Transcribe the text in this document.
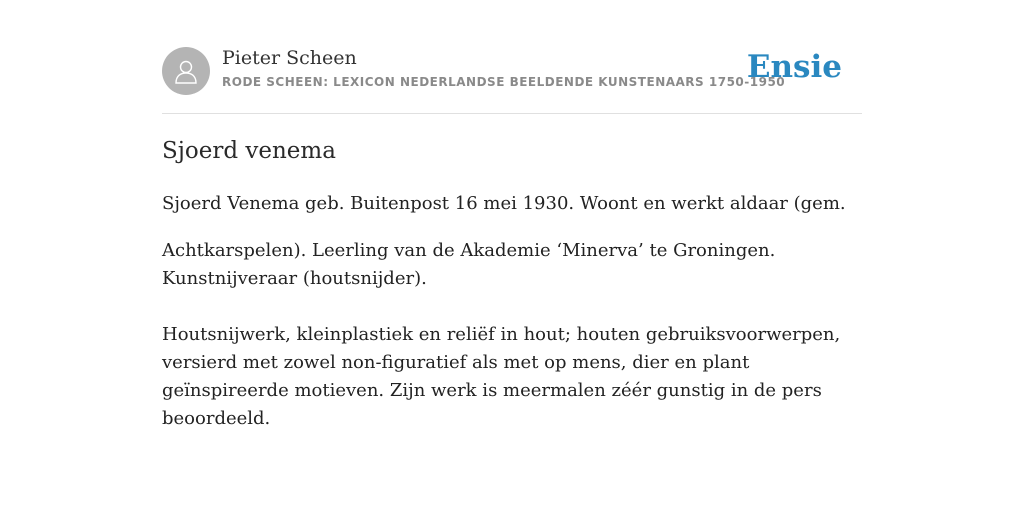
Pieter Scheen
RODE SCHEEN: LEXICON NEDERLANDSE BEELDENDE KUNSTENAARS 1750-1950
Ensie
Sjoerd venema
Sjoerd Venema geb. Buitenpost 16 mei 1930. Woont en werkt aldaar (gem.
Achtkarspelen). Leerling van de Akademie ‘Minerva’ te Groningen. Kunstnijveraar (houtsnijder).
Houtsnijwerk, kleinplastiek en reliëf in hout; houten gebruiksvoorwerpen, versierd met zowel non-figuratief als met op mens, dier en plant geïnspireerde motieven. Zijn werk is meermalen zéér gunstig in de pers beoordeeld.
